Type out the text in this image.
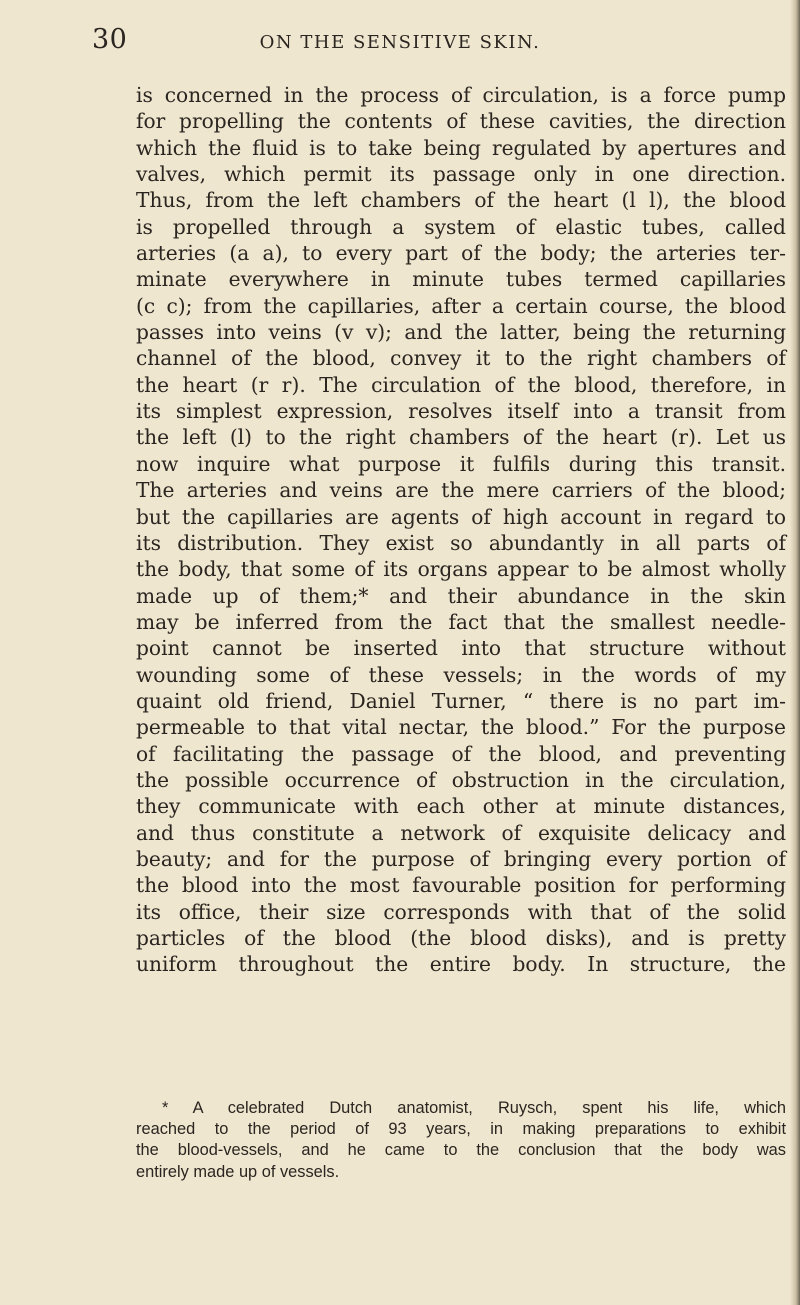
30	ON THE SENSITIVE SKIN.
is concerned in the process of circulation, is a force pump
for propelling the contents of these cavities, the direction
which the fluid is to take being regulated by apertures and
valves, which permit its passage only in one direction.
Thus, from the left chambers of the heart (l l), the blood
is propelled through a system of elastic tubes, called
arteries (a a), to every part of the body; the arteries ter-
minate everywhere in minute tubes termed capillaries
(c c); from the capillaries, after a certain course, the blood
passes into veins (v v); and the latter, being the returning
channel of the blood, convey it to the right chambers of
the heart (r r). The circulation of the blood, therefore, in
its simplest expression, resolves itself into a transit from
the left (l) to the right chambers of the heart (r). Let us
now inquire what purpose it fulfils during this transit.
The arteries and veins are the mere carriers of the blood;
but the capillaries are agents of high account in regard to
its distribution. They exist so abundantly in all parts of
the body, that some of its organs appear to be almost wholly
made up of them;* and their abundance in the skin
may be inferred from the fact that the smallest needle-
point cannot be inserted into that structure without
wounding some of these vessels; in the words of my
quaint old friend, Daniel Turner, “ there is no part im-
permeable to that vital nectar, the blood.” For the purpose
of facilitating the passage of the blood, and preventing
the possible occurrence of obstruction in the circulation,
they communicate with each other at minute distances,
and thus constitute a network of exquisite delicacy and
beauty; and for the purpose of bringing every portion of
the blood into the most favourable position for performing
its office, their size corresponds with that of the solid
particles of the blood (the blood disks), and is pretty
uniform throughout the entire body. In structure, the
* A celebrated Dutch anatomist, Ruysch, spent his life, which
reached to the period of 93 years, in making preparations to exhibit
the blood-vessels, and he came to the conclusion that the body was
entirely made up of vessels.
